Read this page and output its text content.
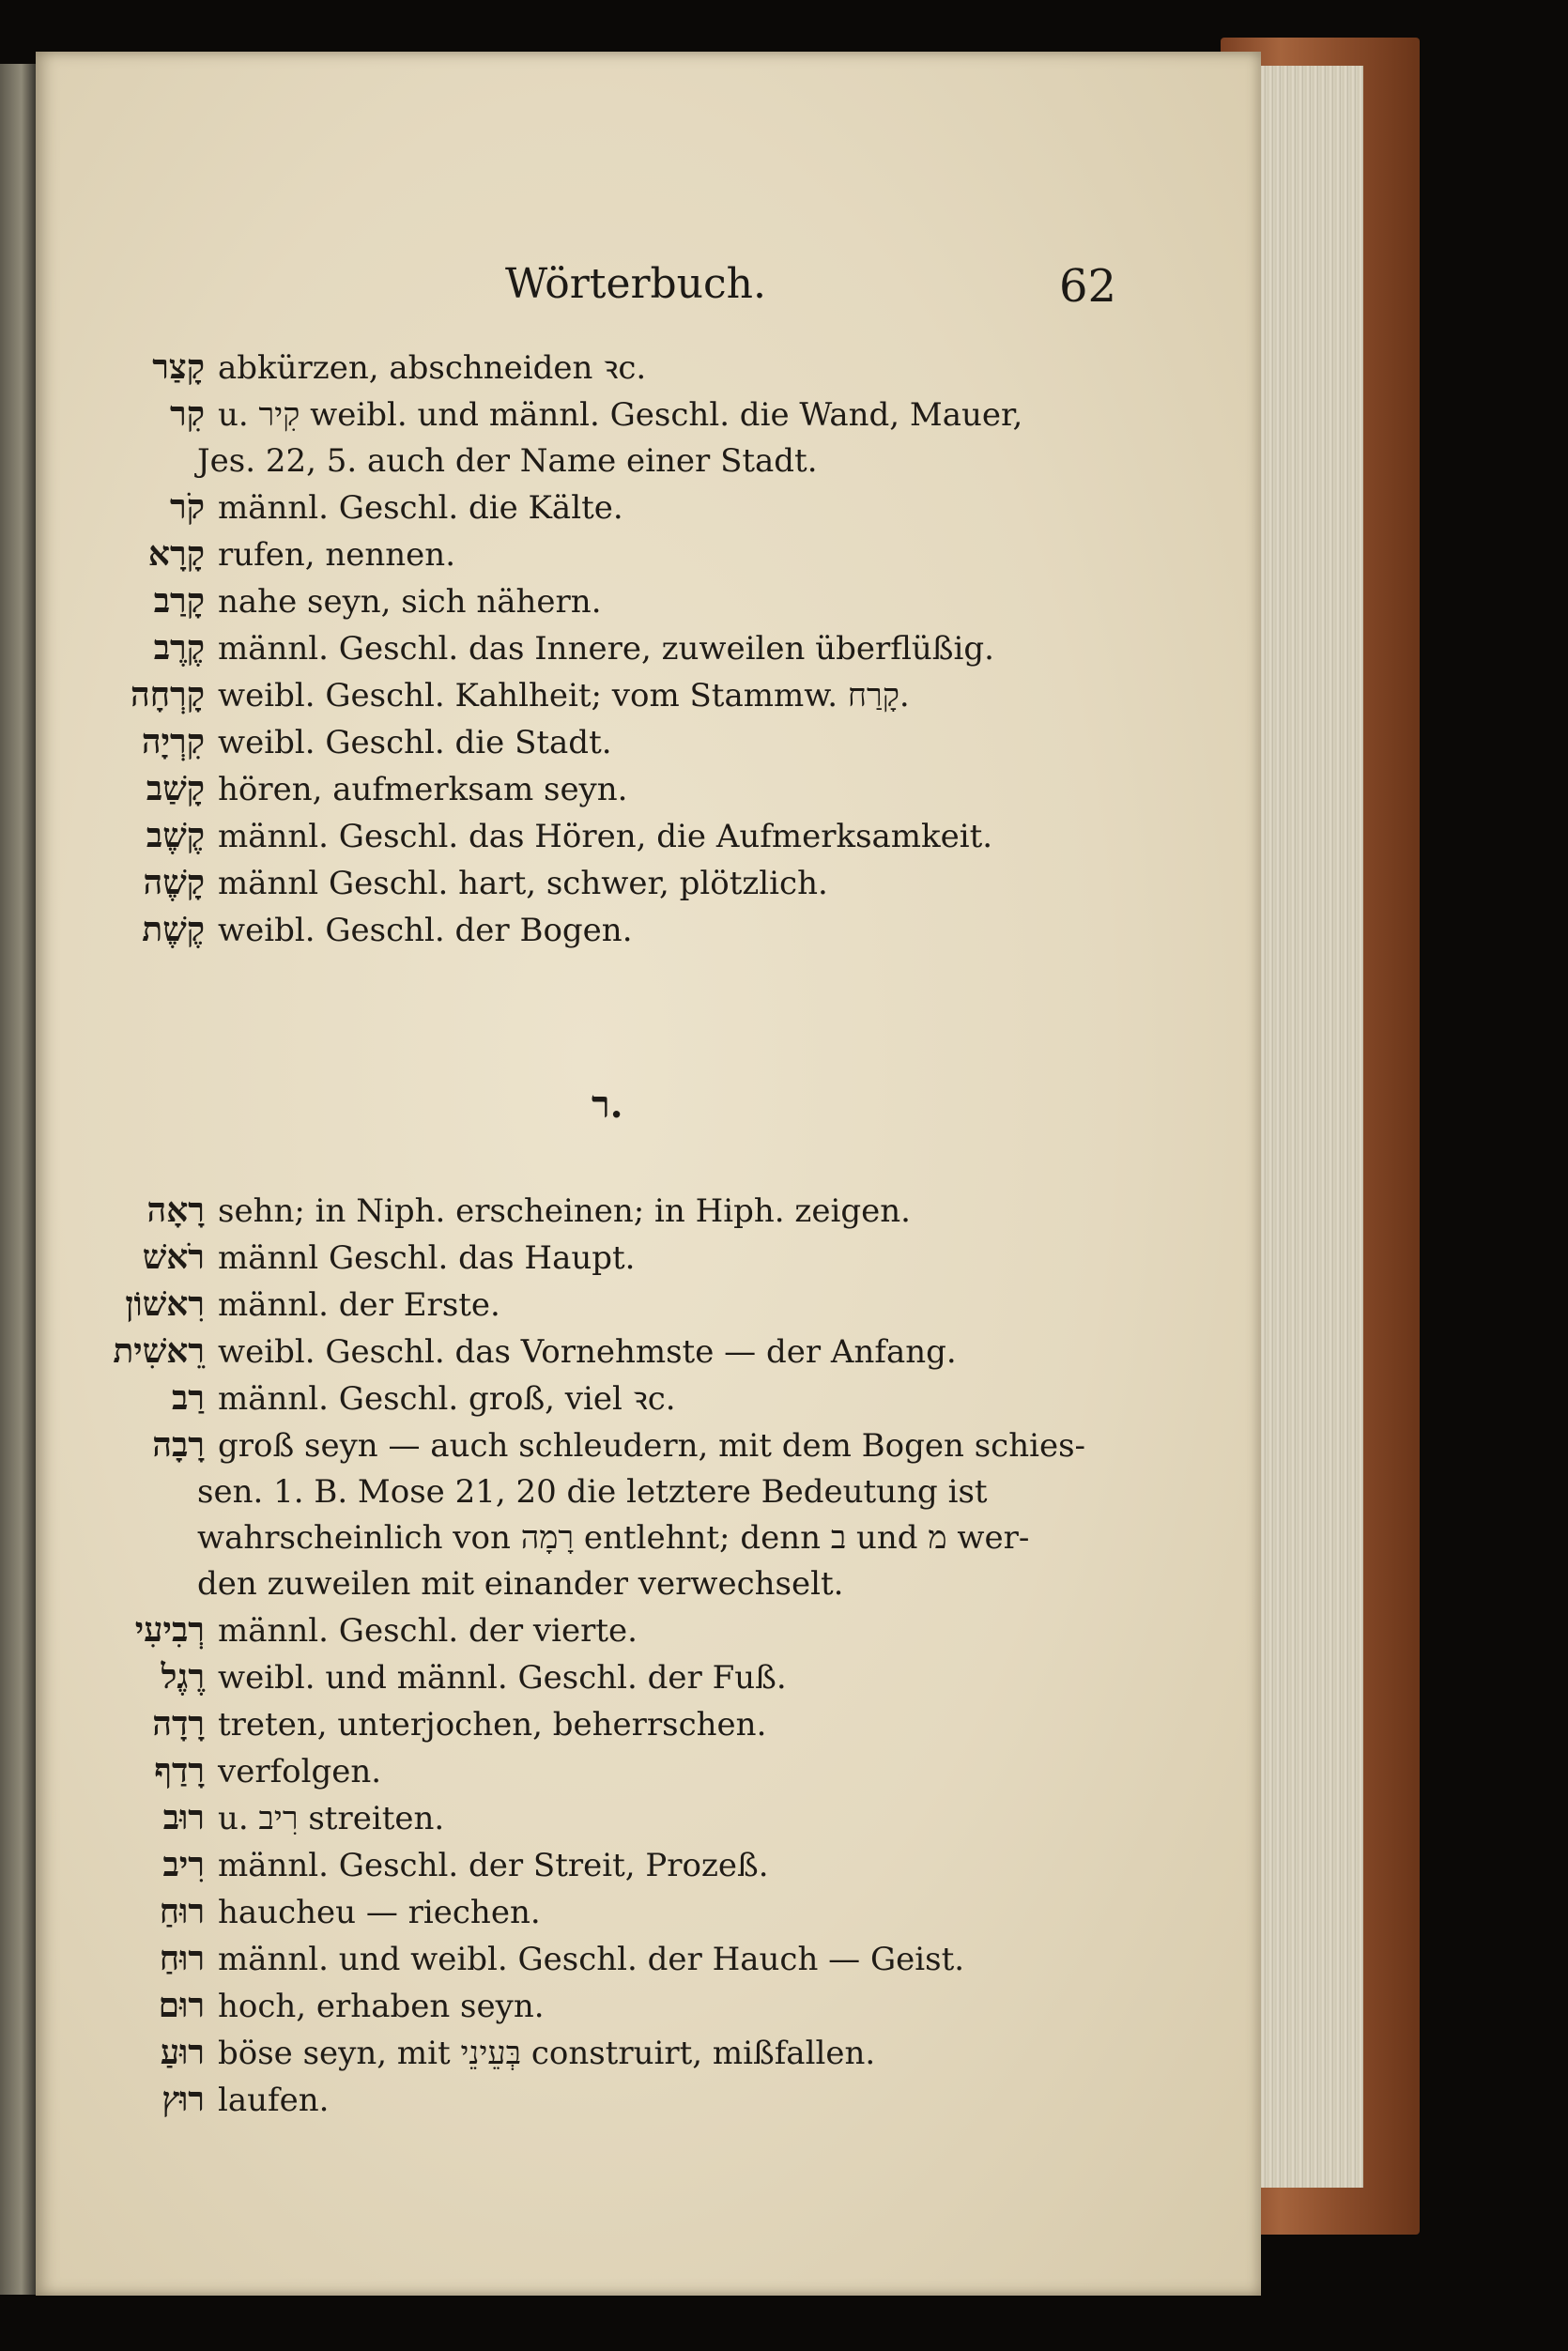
Wörterbuch.	62
קָצַר abkürzen, abschneiden ꝛc.
קִר u. קִיר weibl. und männl. Geschl. die Wand, Mauer,
Jes. 22, 5. auch der Name einer Stadt.
קֹר männl. Geschl. die Kälte.
קָרָא rufen, nennen.
קָרַב nahe seyn, sich nähern.
קֶרֶב männl. Geschl. das Innere, zuweilen überflüßig.
קָרְחָה weibl. Geschl. Kahlheit; vom Stammw. קָרַח.
קִרְיָה weibl. Geschl. die Stadt.
קָשַׁב hören, aufmerksam seyn.
קֶשֶׁב männl. Geschl. das Hören, die Aufmerksamkeit.
קָשֶׁה männl Geschl. hart, schwer, plötzlich.
קֶשֶׁת weibl. Geschl. der Bogen.
ר.
רָאָה sehn; in Niph. erscheinen; in Hiph. zeigen.
רֹאשׁ männl Geschl. das Haupt.
רִאשׁוֹן männl. der Erste.
רֵאשִׁית weibl. Geschl. das Vornehmste — der Anfang.
רַב männl. Geschl. groß, viel ꝛc.
רָבָה groß seyn — auch schleudern, mit dem Bogen schies-
sen. 1. B. Mose 21, 20 die letztere Bedeutung ist
wahrscheinlich von רָמָה entlehnt; denn ב und מ wer-
den zuweilen mit einander verwechselt.
רְבִיעִי männl. Geschl. der vierte.
רֶגֶל weibl. und männl. Geschl. der Fuß.
רָדָה treten, unterjochen, beherrschen.
רָדַף verfolgen.
רוּב u. רִיב streiten.
רִיב männl. Geschl. der Streit, Prozeß.
רוּחַ haucheu — riechen.
רוּחַ männl. und weibl. Geschl. der Hauch — Geist.
רוּם hoch, erhaben seyn.
רוּעַ böse seyn, mit בְּעֵינֵי construirt, mißfallen.
רוּץ laufen.
